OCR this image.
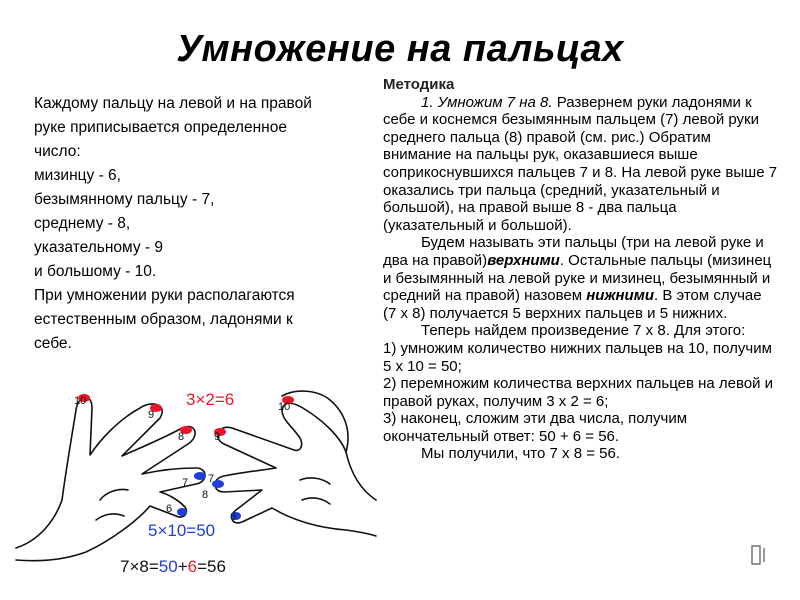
Умножение на пальцах
Каждому пальцу на левой и на правой
руке приписывается определенное
число:
мизинцу - 6,
безымянному пальцу - 7,
среднему - 8,
указательному - 9
и большому - 10.
При умножении руки располагаются
естественным образом, ладонями к
себе.

Методика

1. Умножим 7 на 8. Развернем руки ладонями к себе и коснемся безымянным пальцем (7) левой руки среднего пальца (8) правой (см. рис.) Обратим внимание на пальцы рук, оказавшиеся выше соприкоснувшихся пальцев 7 и 8. На левой руке выше 7 оказались три пальца (средний, указательный и большой), на правой выше 8 - два пальца (указательный и большой).

Будем называть эти пальцы (три на левой руке и два на правой)верхними. Остальные пальцы (мизинец и безымянный на левой руке и мизинец, безымянный и средний на правой) назовем нижними. В этом случае (7 х 8) получается 5 верхних пальцев и 5 нижних.

Теперь найдем произведение 7 х 8. Для этого:

1) умножим количество нижних пальцев на 10, получим 5 х 10 = 50;

2) перемножим количества верхних пальцев на левой и правой руках, получим 3 х 2 = 6;

3) наконец, сложим эти два числа, получим окончательный ответ: 50 + 6 = 56.

Мы получили, что 7 х 8 = 56.

10
9
8
7
6
7
8
9
10
6
3×2=6
5×10=50
7×8=50+6=56
